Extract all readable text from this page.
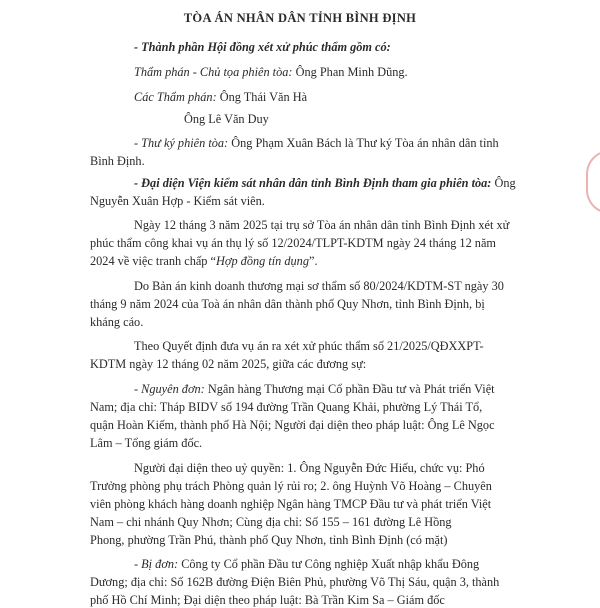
TÒA ÁN NHÂN DÂN TỈNH BÌNH ĐỊNH
- Thành phần Hội đồng xét xử phúc thẩm gồm có:
Thẩm phán - Chủ tọa phiên tòa: Ông Phan Minh Dũng.
Các Thẩm phán: Ông Thái Văn Hà
Ông Lê Văn Duy
- Thư ký phiên tòa: Ông Phạm Xuân Bách là Thư ký Tòa án nhân dân tỉnh
Bình Định.
- Đại diện Viện kiểm sát nhân dân tỉnh Bình Định tham gia phiên tòa: Ông
Nguyễn Xuân Hợp - Kiểm sát viên.
Ngày 12 tháng 3 năm 2025 tại trụ sở Tòa án nhân dân tỉnh Bình Định xét xử
phúc thẩm công khai vụ án thụ lý số 12/2024/TLPT-KDTM ngày 24 tháng 12 năm
2024 về việc tranh chấp “Hợp đồng tín dụng”.
Do Bản án kinh doanh thương mại sơ thẩm số 80/2024/KDTM-ST ngày 30
tháng 9 năm 2024 của Toà án nhân dân thành phố Quy Nhơn, tỉnh Bình Định, bị
kháng cáo.
Theo Quyết định đưa vụ án ra xét xử phúc thẩm số 21/2025/QĐXXPT-
KDTM ngày 12 tháng 02 năm 2025, giữa các đương sự:
- Nguyên đơn: Ngân hàng Thương mại Cổ phần Đầu tư và Phát triển Việt
Nam; địa chỉ: Tháp BIDV số 194 đường Trần Quang Khải, phường Lý Thái Tổ,
quận Hoàn Kiếm, thành phố Hà Nội; Người đại diện theo pháp luật: Ông Lê Ngọc
Lâm – Tổng giám đốc.
Người đại diện theo uỷ quyền: 1. Ông Nguyễn Đức Hiếu, chức vụ: Phó
Trưởng phòng phụ trách Phòng quản lý rủi ro; 2. ông Huỳnh Võ Hoàng – Chuyên
viên phòng khách hàng doanh nghiệp Ngân hàng TMCP Đầu tư và phát triển Việt
Nam – chi nhánh Quy Nhơn; Cùng địa chỉ: Số 155 – 161 đường Lê Hồng
Phong, phường Trần Phú, thành phố Quy Nhơn, tỉnh Bình Định (có mặt)
- Bị đơn: Công ty Cổ phần Đầu tư Công nghiệp Xuất nhập khẩu Đông
Dương; địa chỉ: Số 162B đường Điện Biên Phủ, phường Võ Thị Sáu, quận 3, thành
phố Hồ Chí Minh; Đại diện theo pháp luật: Bà Trần Kim Sa – Giám đốc
